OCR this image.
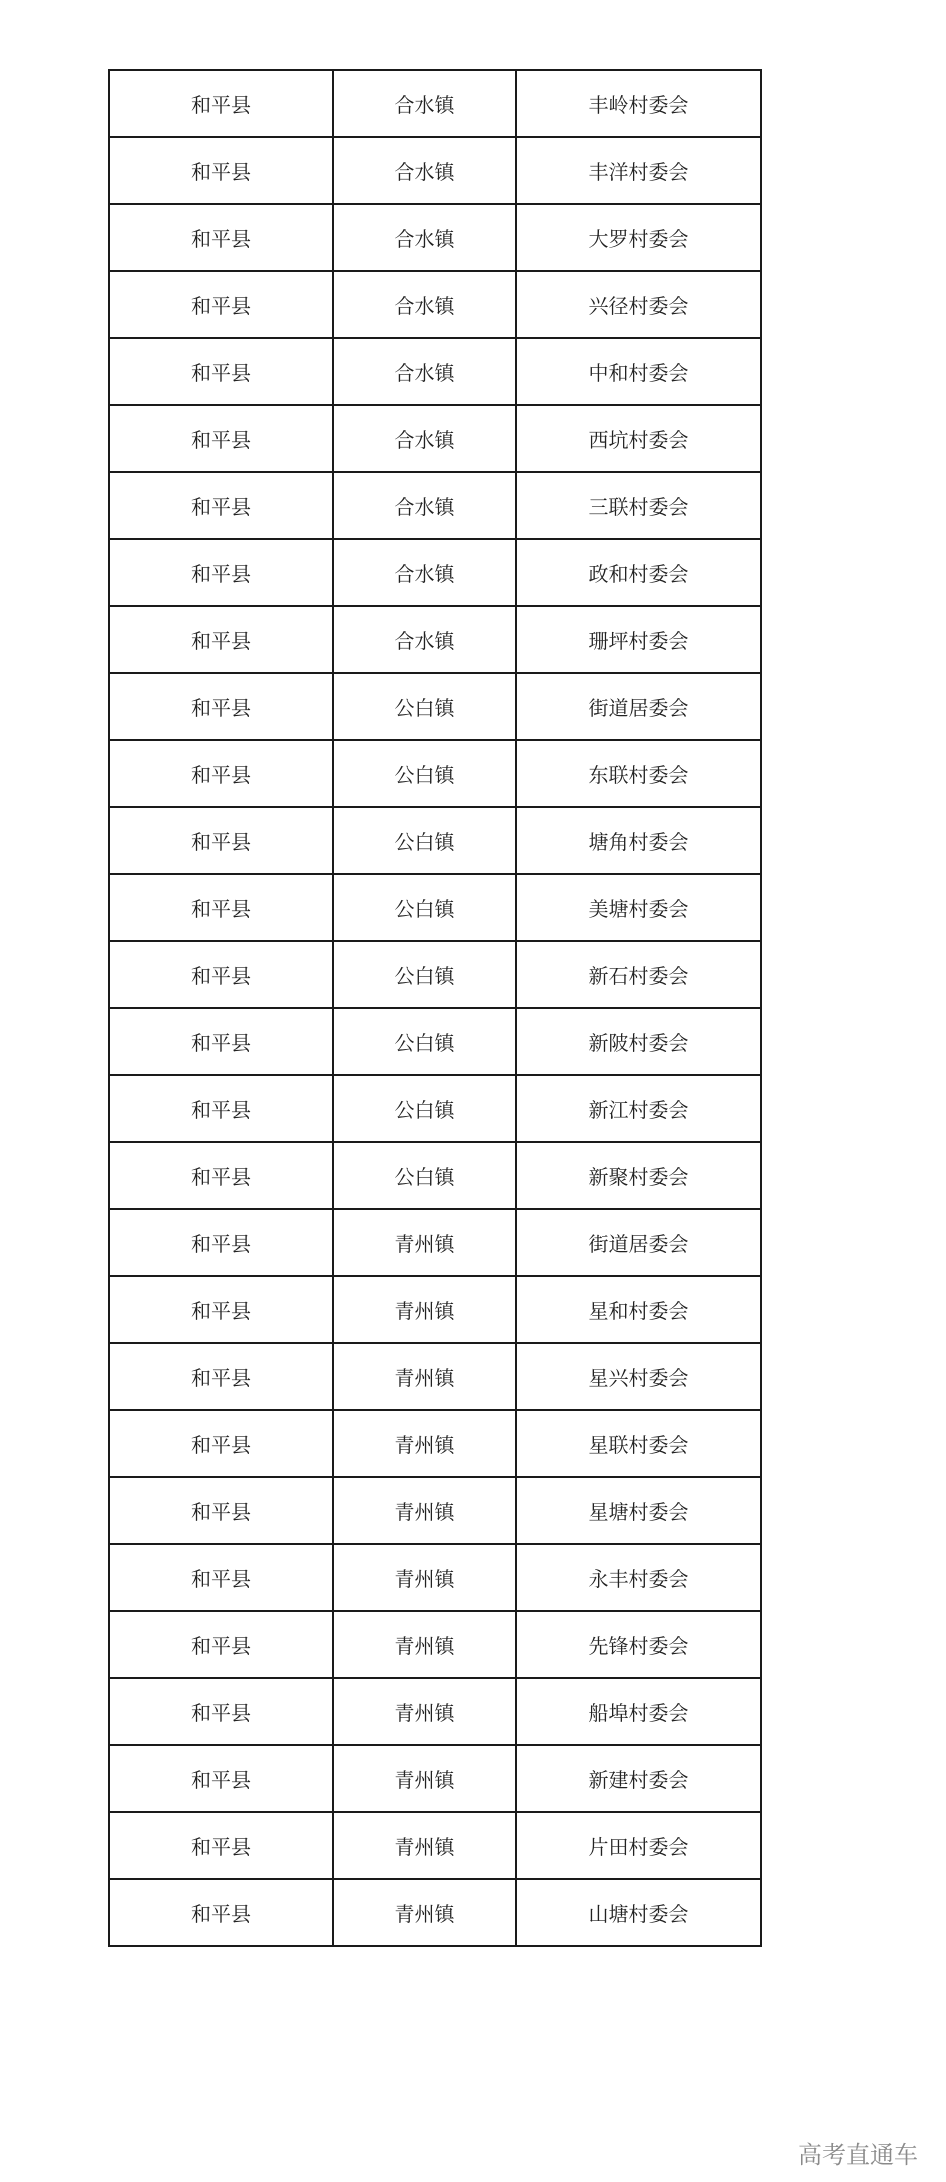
和平县	合水镇	丰岭村委会
和平县	合水镇	丰洋村委会
和平县	合水镇	大罗村委会
和平县	合水镇	兴径村委会
和平县	合水镇	中和村委会
和平县	合水镇	西坑村委会
和平县	合水镇	三联村委会
和平县	合水镇	政和村委会
和平县	合水镇	珊坪村委会
和平县	公白镇	街道居委会
和平县	公白镇	东联村委会
和平县	公白镇	塘角村委会
和平县	公白镇	美塘村委会
和平县	公白镇	新石村委会
和平县	公白镇	新陂村委会
和平县	公白镇	新江村委会
和平县	公白镇	新聚村委会
和平县	青州镇	街道居委会
和平县	青州镇	星和村委会
和平县	青州镇	星兴村委会
和平县	青州镇	星联村委会
和平县	青州镇	星塘村委会
和平县	青州镇	永丰村委会
和平县	青州镇	先锋村委会
和平县	青州镇	船埠村委会
和平县	青州镇	新建村委会
和平县	青州镇	片田村委会
和平县	青州镇	山塘村委会
高考直通车
